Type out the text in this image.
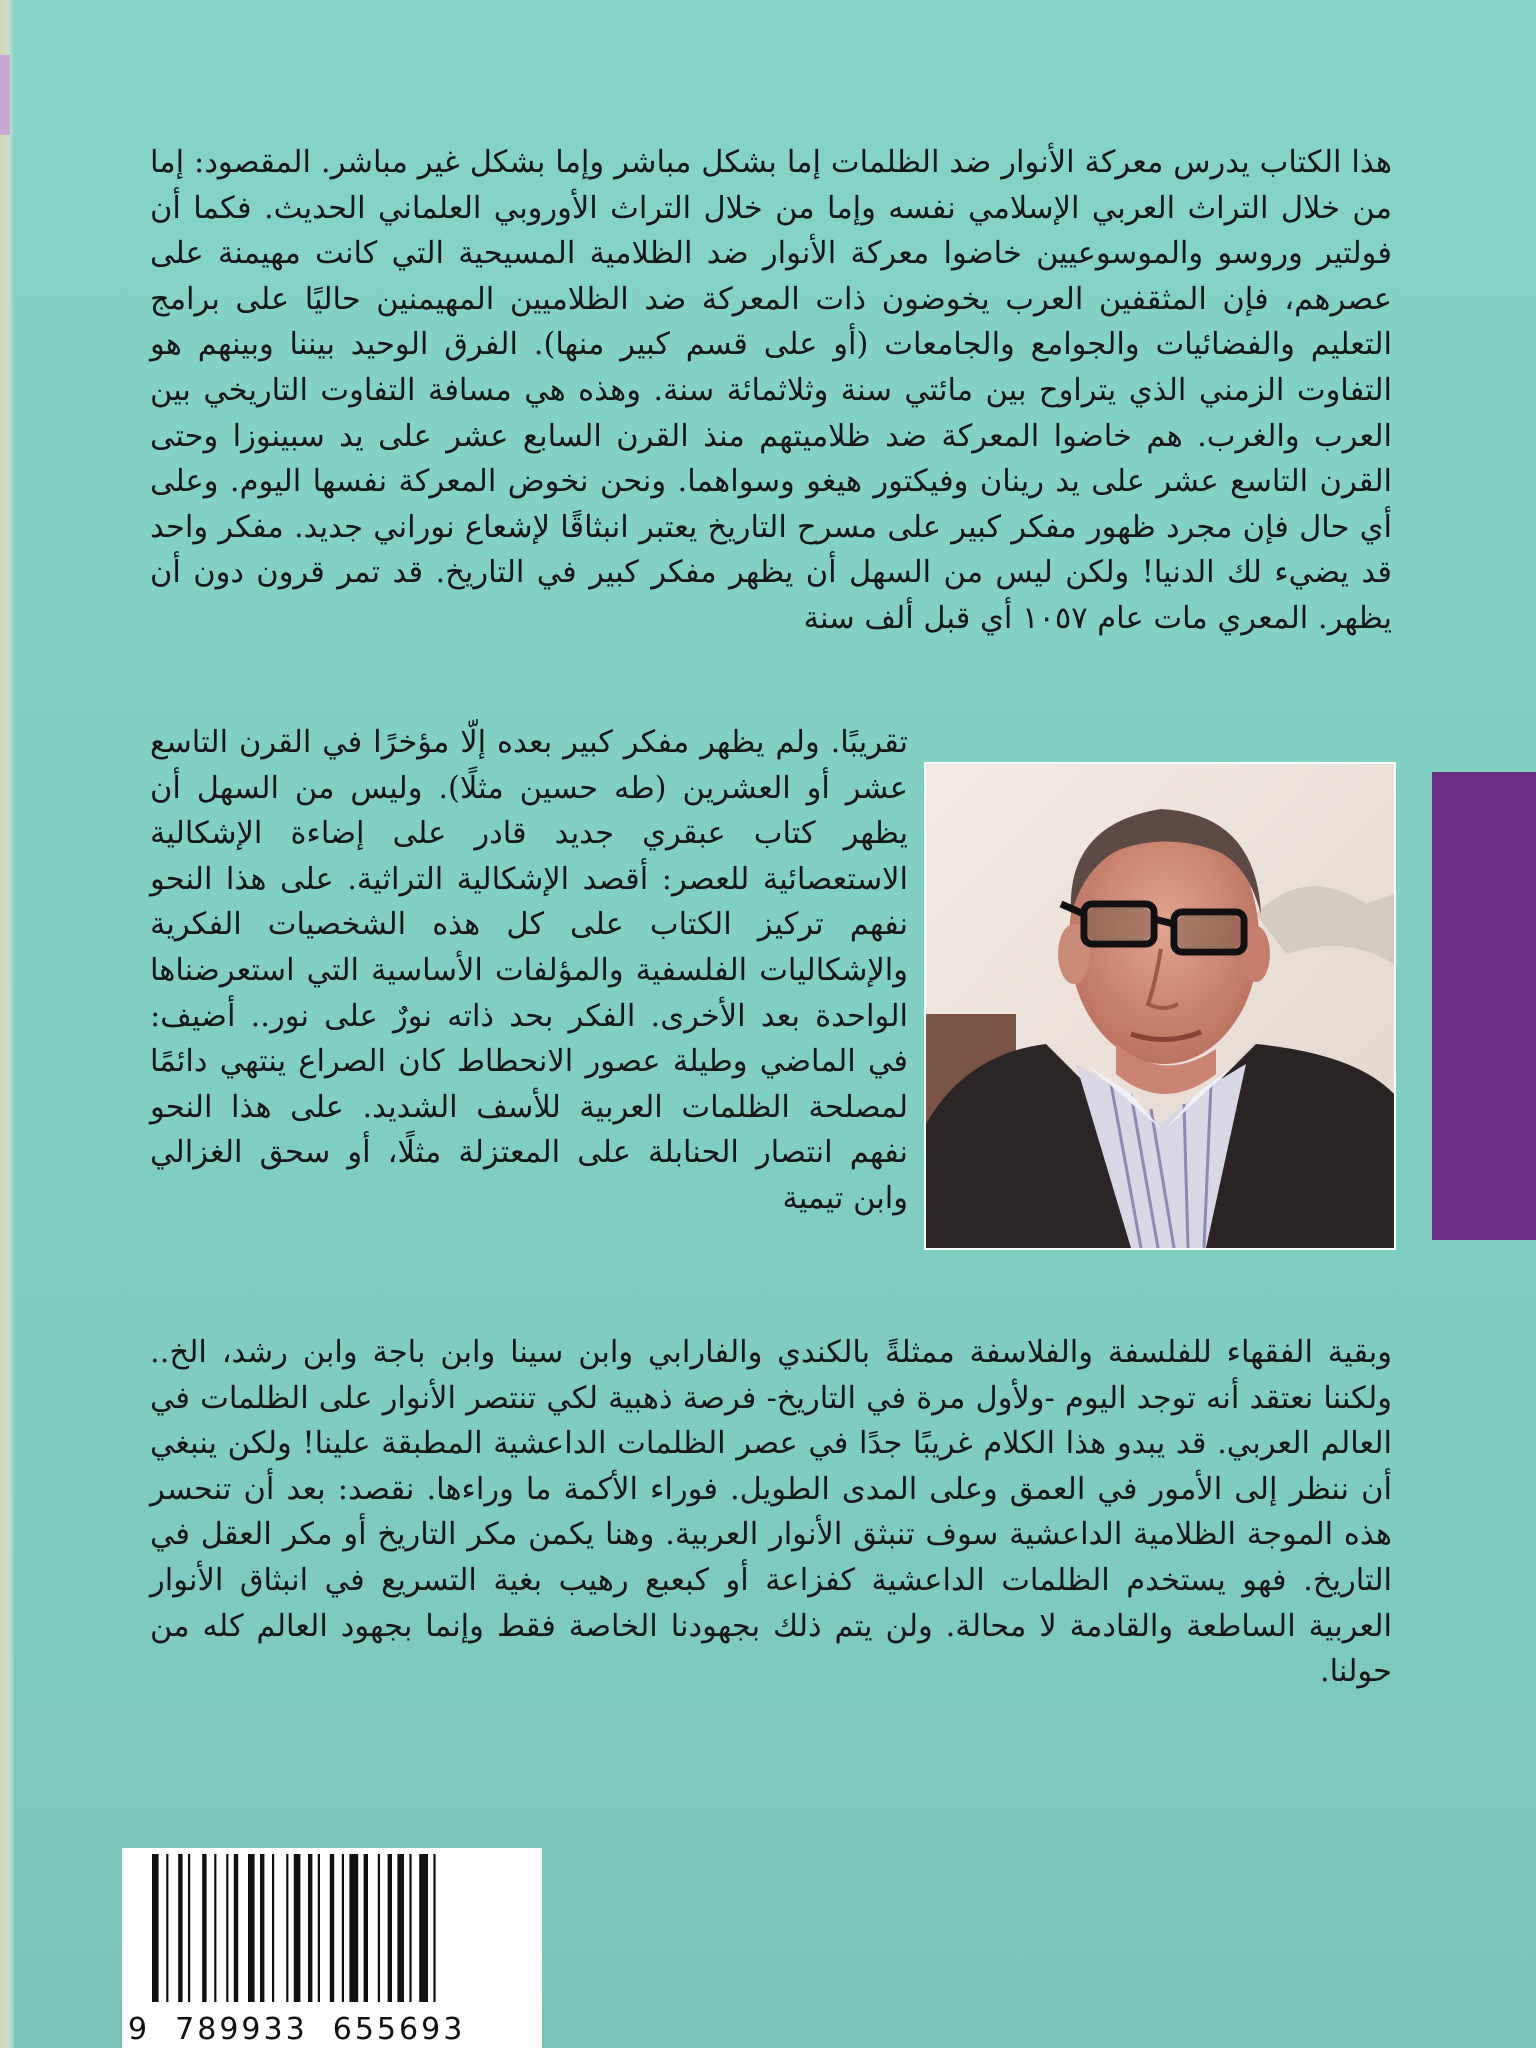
هذا الكتاب يدرس معركة الأنوار ضد الظلمات إما بشكل مباشر وإما بشكل غير مباشر. المقصود: إما من خلال التراث العربي الإسلامي نفسه وإما من خلال التراث الأوروبي العلماني الحديث. فكما أن فولتير وروسو والموسوعيين خاضوا معركة الأنوار ضد الظلامية المسيحية التي كانت مهيمنة على عصرهم، فإن المثقفين العرب يخوضون ذات المعركة ضد الظلاميين المهيمنين حاليًا على برامج التعليم والفضائيات والجوامع والجامعات (أو على قسم كبير منها). الفرق الوحيد بيننا وبينهم هو التفاوت الزمني الذي يتراوح بين مائتي سنة وثلاثمائة سنة. وهذه هي مسافة التفاوت التاريخي بين العرب والغرب. هم خاضوا المعركة ضد ظلاميتهم منذ القرن السابع عشر على يد سبينوزا وحتى القرن التاسع عشر على يد رينان وفيكتور هيغو وسواهما. ونحن نخوض المعركة نفسها اليوم. وعلى أي حال فإن مجرد ظهور مفكر كبير على مسرح التاريخ يعتبر انبثاقًا لإشعاع نوراني جديد. مفكر واحد قد يضيء لك الدنيا! ولكن ليس من السهل أن يظهر مفكر كبير في التاريخ. قد تمر قرون دون أن يظهر. المعري مات عام ١٠٥٧ أي قبل ألف سنة

تقريبًا. ولم يظهر مفكر كبير بعده إلّا مؤخرًا في القرن التاسع عشر أو العشرين (طه حسين مثلًا). وليس من السهل أن يظهر كتاب عبقري جديد قادر على إضاءة الإشكالية الاستعصائية للعصر: أقصد الإشكالية التراثية. على هذا النحو نفهم تركيز الكتاب على كل هذه الشخصيات الفكرية والإشكاليات الفلسفية والمؤلفات الأساسية التي استعرضناها الواحدة بعد الأخرى. الفكر بحد ذاته نورٌ على نور.. أضيف: في الماضي وطيلة عصور الانحطاط كان الصراع ينتهي دائمًا لمصلحة الظلمات العربية للأسف الشديد. على هذا النحو نفهم انتصار الحنابلة على المعتزلة مثلًا، أو سحق الغزالي وابن تيمية

وبقية الفقهاء للفلسفة والفلاسفة ممثلةً بالكندي والفارابي وابن سينا وابن باجة وابن رشد، الخ.. ولكننا نعتقد أنه توجد اليوم -ولأول مرة في التاريخ- فرصة ذهبية لكي تنتصر الأنوار على الظلمات في العالم العربي. قد يبدو هذا الكلام غريبًا جدًا في عصر الظلمات الداعشية المطبقة علينا! ولكن ينبغي أن ننظر إلى الأمور في العمق وعلى المدى الطويل. فوراء الأكمة ما وراءها. نقصد: بعد أن تنحسر هذه الموجة الظلامية الداعشية سوف تنبثق الأنوار العربية. وهنا يكمن مكر التاريخ أو مكر العقل في التاريخ. فهو يستخدم الظلمات الداعشية كفزاعة أو كبعبع رهيب بغية التسريع في انبثاق الأنوار العربية الساطعة والقادمة لا محالة. ولن يتم ذلك بجهودنا الخاصة فقط وإنما بجهود العالم كله من حولنا.

9  789933  655693
